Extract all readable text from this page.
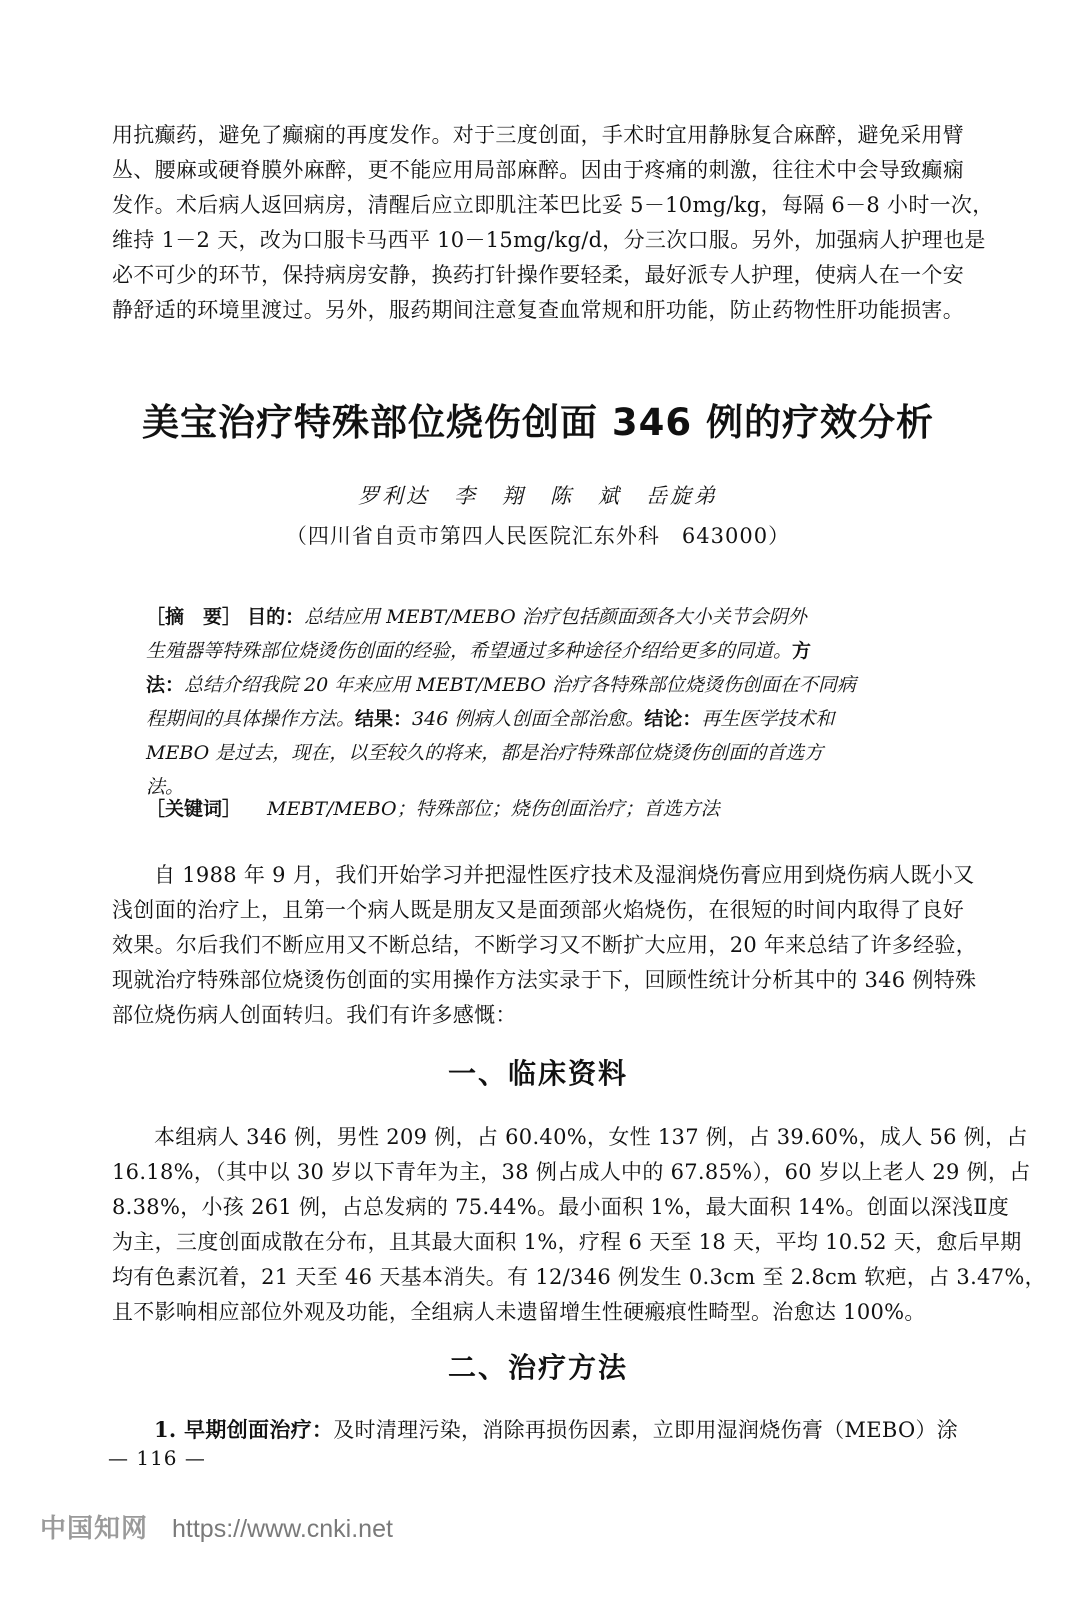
用抗癫药，避免了癫痫的再度发作。对于三度创面，手术时宜用静脉复合麻醉，避免采用臂
丛、腰麻或硬脊膜外麻醉，更不能应用局部麻醉。因由于疼痛的刺激，往往术中会导致癫痫
发作。术后病人返回病房，清醒后应立即肌注苯巴比妥 5－10mg/kg，每隔 6－8 小时一次，
维持 1－2 天，改为口服卡马西平 10－15mg/kg/d，分三次口服。另外，加强病人护理也是
必不可少的环节，保持病房安静，换药打针操作要轻柔，最好派专人护理，使病人在一个安
静舒适的环境里渡过。另外，服药期间注意复查血常规和肝功能，防止药物性肝功能损害。

美宝治疗特殊部位烧伤创面 346 例的疗效分析
罗利达　李　翔　陈　斌　岳旋弟
（四川省自贡市第四人民医院汇东外科　643000）
［摘　要］ 目的：总结应用 MEBT/MEBO 治疗包括颜面颈各大小关节会阴外
生殖器等特殊部位烧烫伤创面的经验，希望通过多种途径介绍给更多的同道。方
法：总结介绍我院 20 年来应用 MEBT/MEBO 治疗各特殊部位烧烫伤创面在不同病
程期间的具体操作方法。结果：346 例病人创面全部治愈。结论：再生医学技术和
MEBO 是过去，现在，以至较久的将来，都是治疗特殊部位烧烫伤创面的首选方
法。
［关键词］ MEBT/MEBO；特殊部位；烧伤创面治疗；首选方法

自 1988 年 9 月，我们开始学习并把湿性医疗技术及湿润烧伤膏应用到烧伤病人既小又
浅创面的治疗上，且第一个病人既是朋友又是面颈部火焰烧伤，在很短的时间内取得了良好
效果。尔后我们不断应用又不断总结，不断学习又不断扩大应用，20 年来总结了许多经验，
现就治疗特殊部位烧烫伤创面的实用操作方法实录于下，回顾性统计分析其中的 346 例特殊
部位烧伤病人创面转归。我们有许多感慨：

一、临床资料

本组病人 346 例，男性 209 例，占 60.40%，女性 137 例，占 39.60%，成人 56 例，占
16.18%，（其中以 30 岁以下青年为主，38 例占成人中的 67.85%），60 岁以上老人 29 例，占
8.38%，小孩 261 例，占总发病的 75.44%。最小面积 1%，最大面积 14%。创面以深浅Ⅱ度
为主，三度创面成散在分布，且其最大面积 1%，疗程 6 天至 18 天，平均 10.52 天，愈后早期
均有色素沉着，21 天至 46 天基本消失。有 12/346 例发生 0.3cm 至 2.8cm 软疤，占 3.47%，
且不影响相应部位外观及功能，全组病人未遗留增生性硬瘢痕性畸型。治愈达 100%。

二、治疗方法

1. 早期创面治疗：及时清理污染，消除再损伤因素，立即用湿润烧伤膏（MEBO）涂

— 116 —
中国知网 https://www.cnki.net
